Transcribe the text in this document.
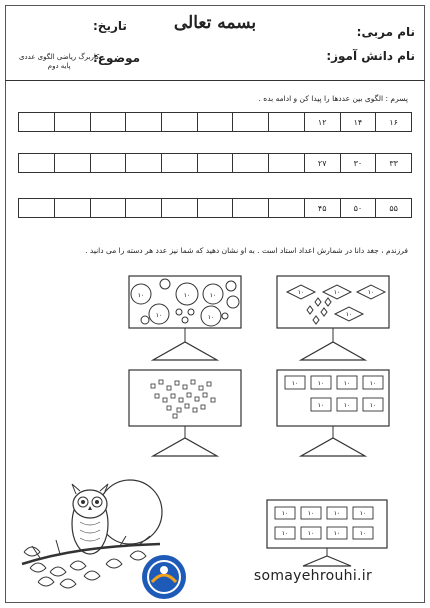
بسمه تعالی
تاریخ:	نام مربی:
نام دانش آموز:
موضوع:
کاربرگ ریاضی الگوی عددی
پایه دوم
پسرم : الگوی بین عددها را پیدا کن و ادامه بده .
۱۶	۱۴	۱۲								
۳۳	۳۰	۲۷								
۵۵	۵۰	۴۵								
فرزندم ، جغد دانا در شمارش اعداد استاد است . به او نشان دهید که شما نیز عدد هر دسته را می دانید .
۱۰	۱۰	۱۰
۱۰	۱۰
۱۰	۱۰	۱۰
۱۰
۱۰	۱۰	۱۰	۱۰
۱۰	۱۰	۱۰
۱۰	۱۰	۱۰	۱۰
۱۰	۱۰	۱۰	۱۰
somayehrouhi.ir
